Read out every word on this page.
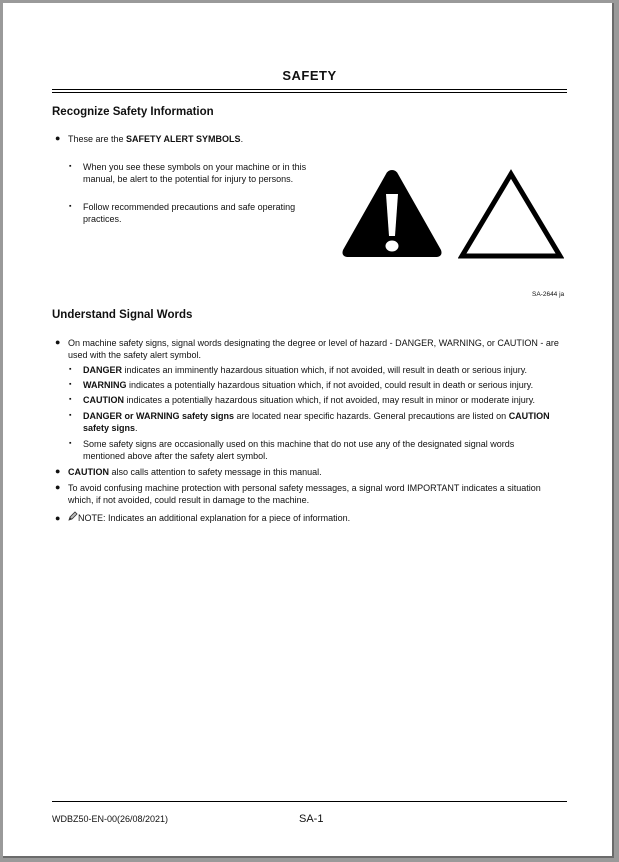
SAFETY
Recognize Safety Information
● These are the SAFETY ALERT SYMBOLS.
▪ When you see these symbols on your machine or in this manual, be alert to the potential for injury to persons.
▪ Follow recommended precautions and safe operating practices.
SA-2644 ja
Understand Signal Words
● On machine safety signs, signal words designating the degree or level of hazard - DANGER, WARNING, or CAUTION - are used with the safety alert symbol.
▪ DANGER indicates an imminently hazardous situation which, if not avoided, will result in death or serious injury.
▪ WARNING indicates a potentially hazardous situation which, if not avoided, could result in death or serious injury.
▪ CAUTION indicates a potentially hazardous situation which, if not avoided, may result in minor or moderate injury.
▪ DANGER or WARNING safety signs are located near specific hazards. General precautions are listed on CAUTION safety signs.
▪ Some safety signs are occasionally used on this machine that do not use any of the designated signal words mentioned above after the safety alert symbol.
● CAUTION also calls attention to safety message in this manual.
● To avoid confusing machine protection with personal safety messages, a signal word IMPORTANT indicates a situation which, if not avoided, could result in damage to the machine.
● NOTE: Indicates an additional explanation for a piece of information.
WDBZ50-EN-00(26/08/2021)	SA-1
